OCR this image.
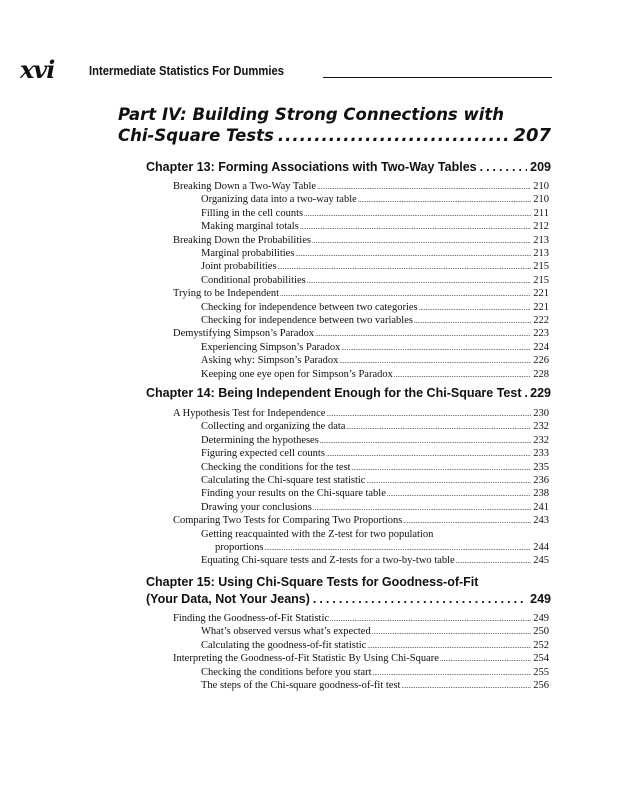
xvi	Intermediate Statistics For Dummies
Part IV: Building Strong Connections with
Chi-Square Tests .....	207
Chapter 13: Forming Associations with Two-Way Tables .....	209
Breaking Down a Two-Way Table .....	210
Organizing data into a two-way table .....	210
Filling in the cell counts .....	211
Making marginal totals .....	212
Breaking Down the Probabilities .....	213
Marginal probabilities .....	213
Joint probabilities .....	215
Conditional probabilities .....	215
Trying to be Independent .....	221
Checking for independence between two categories .....	221
Checking for independence between two variables .....	222
Demystifying Simpson’s Paradox .....	223
Experiencing Simpson’s Paradox .....	224
Asking why: Simpson’s Paradox .....	226
Keeping one eye open for Simpson’s Paradox .....	228
Chapter 14: Being Independent Enough for the Chi-Square Test ..... 229
A Hypothesis Test for Independence .....	230
Collecting and organizing the data .....	232
Determining the hypotheses .....	232
Figuring expected cell counts .....	233
Checking the conditions for the test .....	235
Calculating the Chi-square test statistic .....	236
Finding your results on the Chi-square table .....	238
Drawing your conclusions .....	241
Comparing Two Tests for Comparing Two Proportions .....	243
Getting reacquainted with the Z-test for two population
proportions .....	244
Equating Chi-square tests and Z-tests for a two-by-two table .....	245
Chapter 15: Using Chi-Square Tests for Goodness-of-Fit
(Your Data, Not Your Jeans) .....	249
Finding the Goodness-of-Fit Statistic .....	249
What’s observed versus what’s expected .....	250
Calculating the goodness-of-fit statistic .....	252
Interpreting the Goodness-of-Fit Statistic By Using Chi-Square .....	254
Checking the conditions before you start .....	255
The steps of the Chi-square goodness-of-fit test .....	256
